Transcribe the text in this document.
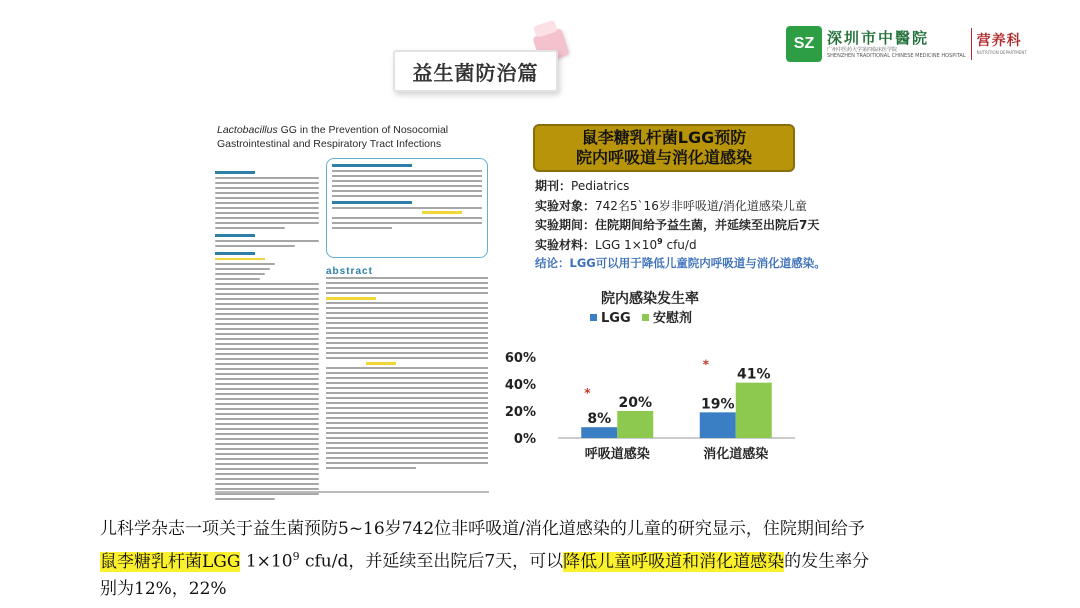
益生菌防治篇
SZ 深圳市中醫院
广州中医药大学第四临床医学院
SHENZHEN TRADITIONAL CHINESE MEDICINE HOSPITAL
营养科
NUTRITION DEPARTMENT
Lactobacillus GG in the Prevention of Nosocomial Gastrointestinal and Respiratory Tract Infections
abstract
鼠李糖乳杆菌LGG预防
院内呼吸道与消化道感染
期刊：Pediatrics
实验对象：742名5`16岁非呼吸道/消化道感染儿童
实验期间：住院期间给予益生菌，并延续至出院后7天
实验材料：LGG $1\times 10^9$ cfu/d
结论：LGG可以用于降低儿童院内呼吸道与消化道感染。
院内感染发生率
LGG 安慰剂
0%
20%
40%
60%
8%
20%
*
呼吸道感染
19%
41%
*
消化道感染
儿科学杂志一项关于益生菌预防5~16岁742位非呼吸道/消化道感染的儿童的研究显示，住院期间给予
鼠李糖乳杆菌LGG $1\times 10^9$ cfu/d，并延续至出院后7天，可以降低儿童呼吸道和消化道感染的发生率分
别为12%，22%
